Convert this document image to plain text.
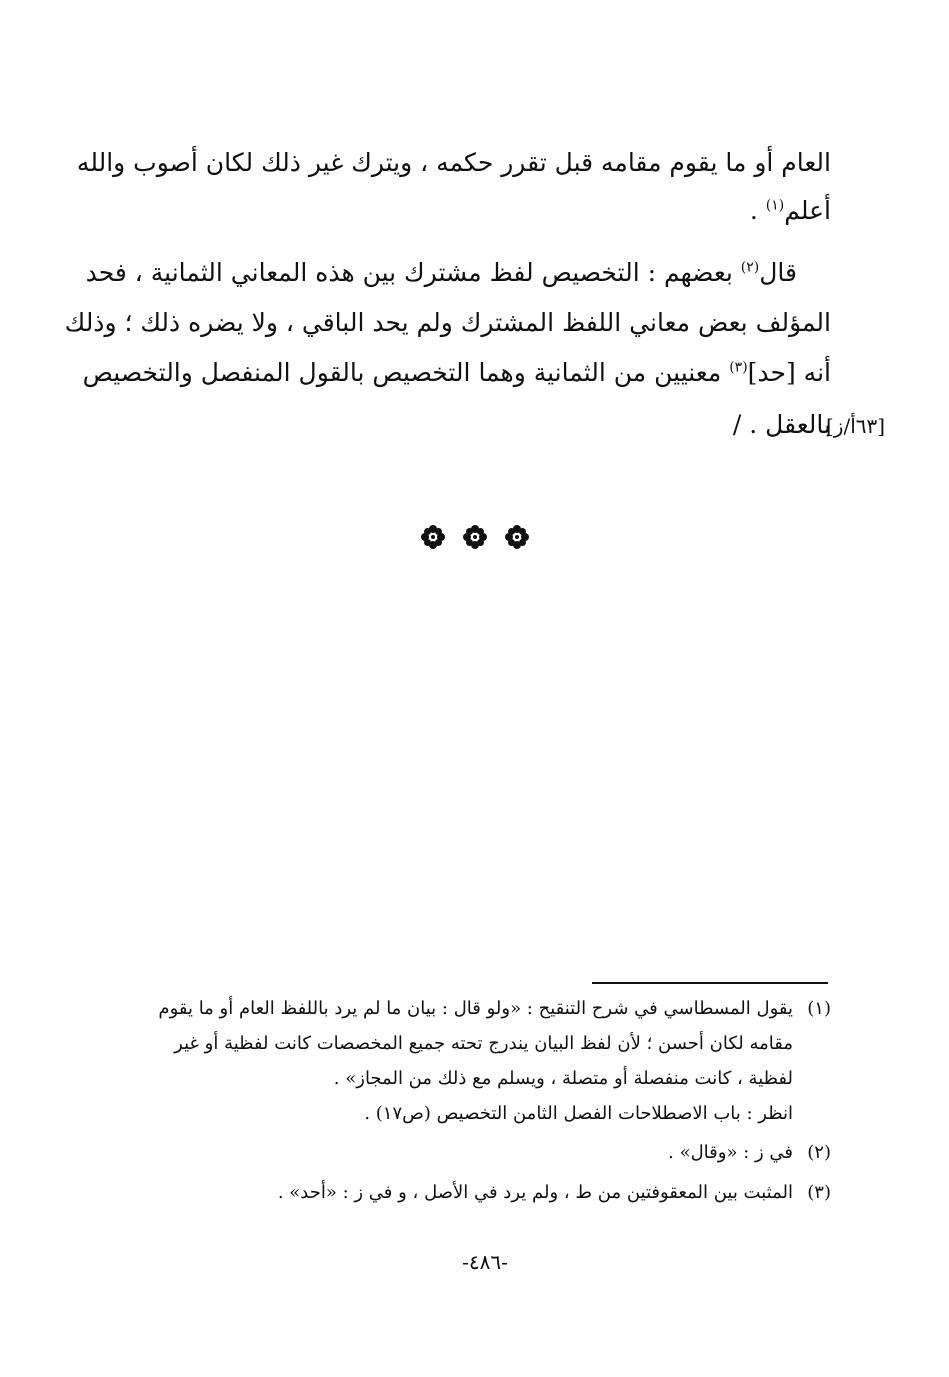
العام أو ما يقوم مقامه قبل تقرر حكمه ، ويترك غير ذلك لكان أصوب والله
أعلم$^{(١)}$ .
قال$^{(٢)}$ بعضهم : التخصيص لفظ مشترك بين هذه المعاني الثمانية ، فحد
المؤلف بعض معاني اللفظ المشترك ولم يحد الباقي ، ولا يضره ذلك ؛ وذلك
أنه [حد]$^{(٣)}$ معنيين من الثمانية وهما التخصيص بالقول المنفصل والتخصيص
بالعقل . /
[٦٣أ/ز]
(١)يقول المسطاسي في شرح التنقيح : «ولو قال : بيان ما لم يرد باللفظ العام أو ما يقوم
مقامه لكان أحسن ؛ لأن لفظ البيان يندرج تحته جميع المخصصات كانت لفظية أو غير
لفظية ، كانت منفصلة أو متصلة ، ويسلم مع ذلك من المجاز» .
انظر : باب الاصطلاحات الفصل الثامن التخصيص (ص١٧) .
(٢)في ز : «وقال» .
(٣)المثبت بين المعقوفتين من ط ، ولم يرد في الأصل ، و في ز : «أحد» .
-٤٨٦-
